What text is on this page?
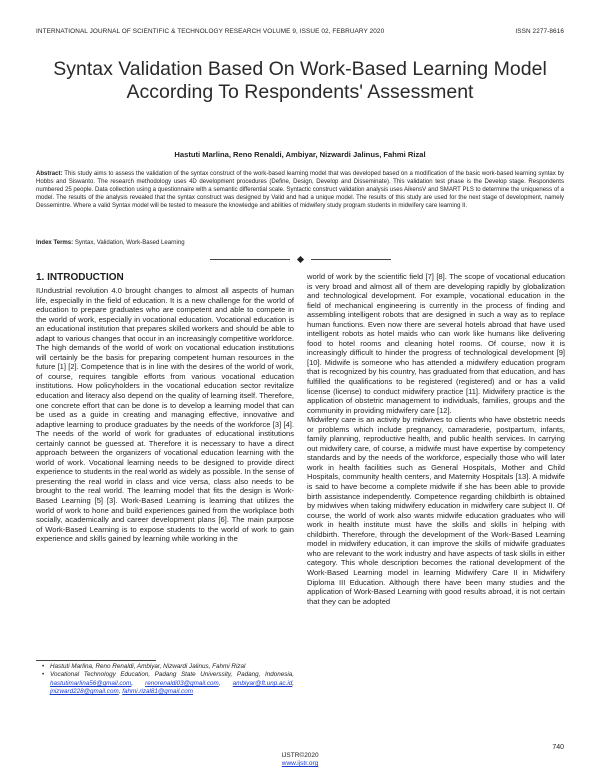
INTERNATIONAL JOURNAL OF SCIENTIFIC & TECHNOLOGY RESEARCH VOLUME 9, ISSUE 02, FEBRUARY 2020	ISSN 2277-8616
Syntax Validation Based On Work-Based Learning Model According To Respondents' Assessment
Hastuti Marlina, Reno Renaldi, Ambiyar, Nizwardi Jalinus, Fahmi Rizal
Abstract: This study aims to assess the validation of the syntax construct of the work-based learning model that was developed based on a modification of the basic work-based learning syntax by Hobbs and Siswanto. The research methodology uses 4D development procedures (Define, Design, Develop and Disseminate). This validation test phase is the Develop stage. Respondents numbered 25 people. Data collection using a questionnaire with a semantic differential scale. Syntactic construct validation analysis uses AikensV and SMART PLS to determine the uniqueness of a model. The results of the analysis revealed that the syntax construct was designed by Valid and had a unique model. The results of this study are used for the next stage of development, namely Dessemintre. Where a valid Syntax model will be tested to measure the knowledge and abilities of midwifery study program students in midwifery care learning II.
Index Terms: Syntax, Validation, Work-Based Learning
1. INTRODUCTION

IUndustrial revolution 4.0 brought changes to almost all aspects of human life, especially in the field of education. It is a new challenge for the world of education to prepare graduates who are competent and able to compete in the world of work, especially in vocational education. Vocational education is an educational institution that prepares skilled workers and should be able to adapt to various changes that occur in an increasingly competitive workforce. The high demands of the world of work on vocational education institutions will certainly be the basis for preparing competent human resources in the future [1] [2]. Competence that is in line with the desires of the world of work, of course, requires tangible efforts from various vocational education institutions. How policyholders in the vocational education sector revitalize education and literacy also depend on the quality of learning itself. Therefore, one concrete effort that can be done is to develop a learning model that can be used as a guide in creating and managing effective, innovative and adaptive learning to produce graduates by the needs of the workforce [3] [4]. The needs of the world of work for graduates of educational institutions certainly cannot be guessed at. Therefore it is necessary to have a direct approach between the organizers of vocational education learning with the world of work. Vocational learning needs to be designed to provide direct experience to students in the real world as widely as possible. In the sense of presenting the real world in class and vice versa, class also needs to be brought to the real world. The learning model that fits the design is Work-Based Learning [5] [3]. Work-Based Learning is learning that utilizes the world of work to hone and build experiences gained from the workplace both socially, academically and career development plans [6]. The main purpose of Work-Based Learning is to expose students to the world of work to gain experience and skills gained by learning while working in the

world of work by the scientific field [7] [8]. The scope of vocational education is very broad and almost all of them are developing rapidly by globalization and technological development. For example, vocational education in the field of mechanical engineering is currently in the process of finding and assembling intelligent robots that are designed in such a way as to replace human functions. Even now there are several hotels abroad that have used intelligent robots as hotel maids who can work like humans like delivering food to hotel rooms and cleaning hotel rooms. Of course, now it is increasingly difficult to hinder the progress of technological development [9] [10]. Midwife is someone who has attended a midwifery education program that is recognized by his country, has graduated from that education, and has fulfilled the qualifications to be registered (registered) and or has a valid license (license) to conduct midwifery practice [11]. Midwifery practice is the application of obstetric management to individuals, families, groups and the community in providing midwifery care [12].

Midwifery care is an activity by midwives to clients who have obstetric needs or problems which include pregnancy, camaraderie, postpartum, infants, family planning, reproductive health, and public health services. In carrying out midwifery care, of course, a midwife must have expertise by competency standards and by the needs of the workforce, especially those who will later work in health facilities such as General Hospitals, Mother and Child Hospitals, community health centers, and Maternity Hospitals [13]. A midwife is said to have become a complete midwife if she has been able to provide birth assistance independently. Competence regarding childbirth is obtained by midwives when taking midwifery education in midwifery care subject II. Of course, the world of work also wants midwife education graduates who will work in health institute must have the skills and skills in helping with childbirth. Therefore, through the development of the Work-Based Learning model in midwifery education, it can improve the skills of midwife graduates who are relevant to the work industry and have aspects of task skills in either category. This whole description becomes the rational development of the Work-Based Learning model in learning Midwifery Care II in Midwifery Diploma III Education. Although there have been many studies and the application of Work-Based Learning with good results abroad, it is not certain that they can be adopted

• Hastuti Marlina, Reno Renaldi, Ambiyar, Nizwardi Jalinus, Fahmi Rizal
• Vocational Technology Education, Padang State Universsity, Padang, Indonesia, hastutimarlina56@gmail.com, renorenaldi03@gmail.com, ambiyar@ft.unp.ac.id, jnizward228@gmail.com, fahmi.rizal81@gmail.com
740
IJSTR©2020
www.ijstr.org
